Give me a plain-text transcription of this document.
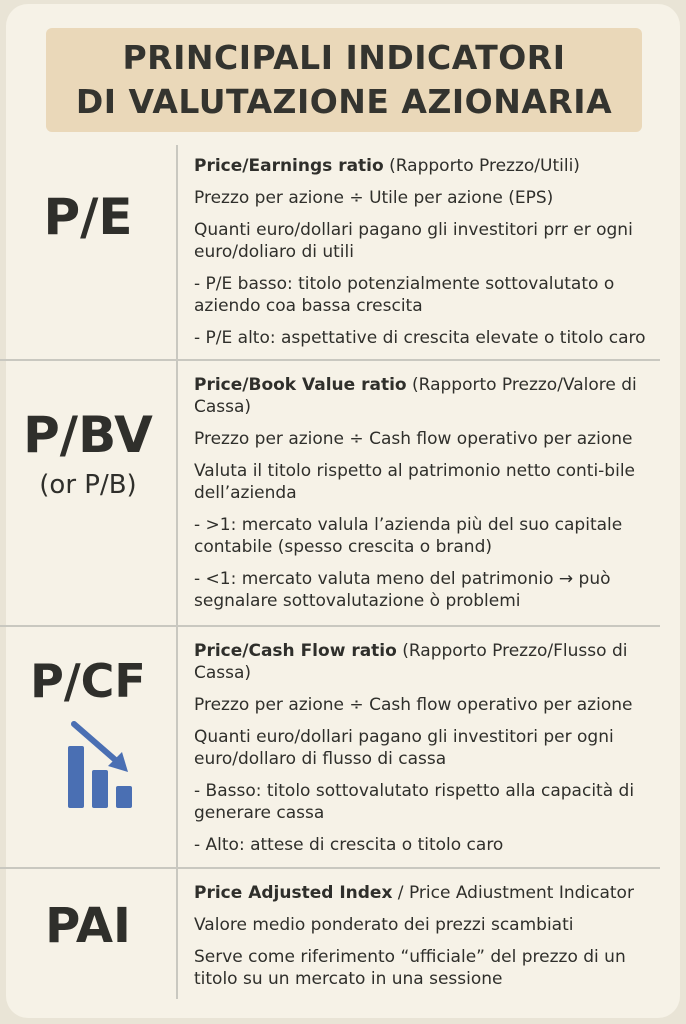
PRINCIPALI INDICATORI
DI VALUTAZIONE AZIONARIA
P/E

Price/Earnings ratio (Rapporto Prezzo/Utili)

Prezzo per azione ÷ Utile per azione (EPS)

Quanti euro/dollari pagano gli investitori prr er ogni euro/doliaro di utili

- P/E basso: titolo potenzialmente sottovalutato o aziendo coa bassa crescita

- P/E alto: aspettative di crescita elevate o titolo caro

P/BV
(or P/B)

Price/Book Value ratio (Rapporto Prezzo/Valore di Cassa)

Prezzo per azione ÷ Cash flow operativo per azione

Valuta il titolo rispetto al patrimonio netto conti-bile dell’azienda

- >1: mercato valula l’azienda più del suo capitale contabile (spesso crescita o brand)

- <1: mercato valuta meno del patrimonio → può segnalare sottovalutazione ò problemi

P/CF

Price/Cash Flow ratio (Rapporto Prezzo/Flusso di Cassa)

Prezzo per azione ÷ Cash flow operativo per azione

Quanti euro/dollari pagano gli investitori per ogni euro/dollaro di flusso di cassa

- Basso: titolo sottovalutato rispetto alla capacità di generare cassa

- Alto: attese di crescita o titolo caro

PAI

Price Adjusted Index / Price Adiustment Indicator

Valore medio ponderato dei prezzi scambiati

Serve come riferimento “ufficiale” del prezzo di un titolo su un mercato in una sessione
